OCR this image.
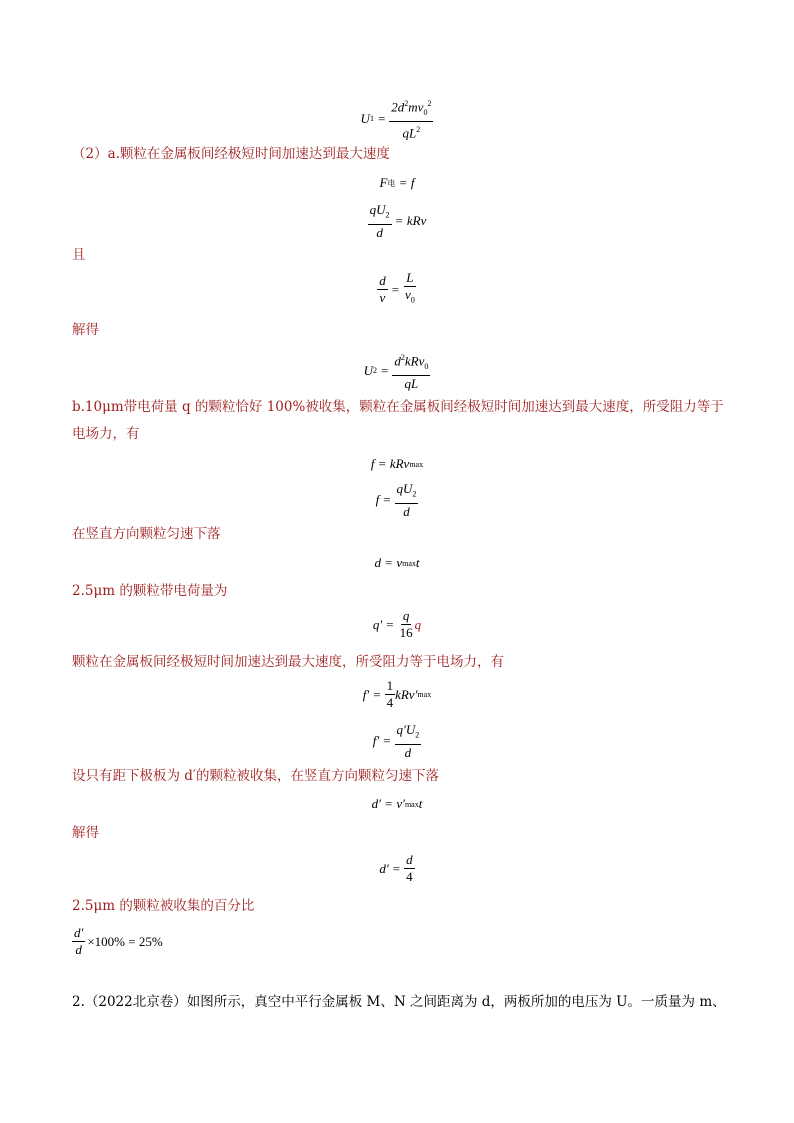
U $1 = \frac{2d^2mv_0^2}{qL^2}$
（2）a.颗粒在金属板间经极短时间加速达到最大速度
F 电 = f
$\frac{qU_2}{d}$ = kRv
且
$\frac{d}{v} = \frac{L}{v_0}$
解得
U $2 = \frac{d^2kRv_0}{qL}$
b.10μm带电荷量 q 的颗粒恰好 100%被收集，颗粒在金属板间经极短时间加速达到最大速度，所受阻力等于
电场力，有
f = kRv max
$f = \frac{qU_2}{d}$
在竖直方向颗粒匀速下落
d = v max t
2.5μm 的颗粒带电荷量为
$q' = \frac{q}{16}$ q
颗粒在金属板间经极短时间加速达到最大速度，所受阻力等于电场力，有
$f' = \frac{1}{4} kRv'$ max
$f' = \frac{q'U_2}{d}$
设只有距下极板为 d′的颗粒被收集，在竖直方向颗粒匀速下落
d′ = v′ max t
解得
$d' = \frac{d}{4}$
2.5μm 的颗粒被收集的百分比
$\frac{d'}{d} \times 100\% = 25\%$
2.（2022北京卷）如图所示，真空中平行金属板 M、N 之间距离为 d，两板所加的电压为 U。一质量为 m、
